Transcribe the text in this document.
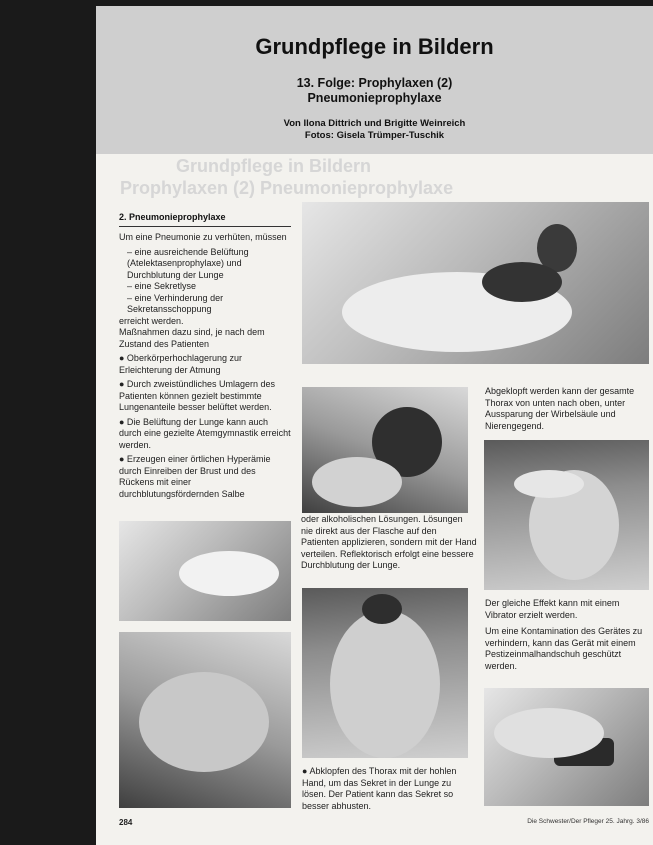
Grundpflege in Bildern
13. Folge: Prophylaxen (2)
Pneumonieprophylaxe
Von Ilona Dittrich und Brigitte Weinreich
Fotos: Gisela Trümper-Tuschik
Grundpflege in Bildern
Prophylaxen (2) Pneumonieprophylaxe
2. Pneumonieprophylaxe

Um eine Pneumonie zu verhüten, müssen

– eine ausreichende Belüftung (Atelektasenprophylaxe) und Durchblutung der Lunge

– eine Sekretlyse

– eine Verhinderung der Sekretansschoppung

erreicht werden.

Maßnahmen dazu sind, je nach dem Zustand des Patienten

● Oberkörperhochlagerung zur Erleichterung der Atmung

● Durch zweistündliches Umlagern des Patienten können gezielt bestimmte Lungenanteile besser belüftet werden.

● Die Belüftung der Lunge kann auch durch eine gezielte Atemgymnastik erreicht werden.

● Erzeugen einer örtlichen Hyperämie durch Einreiben der Brust und des Rückens mit einer durchblutungsfördernden Salbe

oder alkoholischen Lösungen. Lösungen nie direkt aus der Flasche auf den Patienten applizieren, sondern mit der Hand verteilen. Reflektorisch erfolgt eine bessere Durchblutung der Lunge.
● Abklopfen des Thorax mit der hohlen Hand, um das Sekret in der Lunge zu lösen. Der Patient kann das Sekret so besser abhusten.
Abgeklopft werden kann der gesamte Thorax von unten nach oben, unter Aussparung der Wirbelsäule und Nierengegend.
Der gleiche Effekt kann mit einem Vibrator erzielt werden.
Um eine Kontamination des Gerätes zu verhindern, kann das Gerät mit einem Pestizeinmalhandschuh geschützt werden.
284	Die Schwester/Der Pfleger 25. Jahrg. 3/86
